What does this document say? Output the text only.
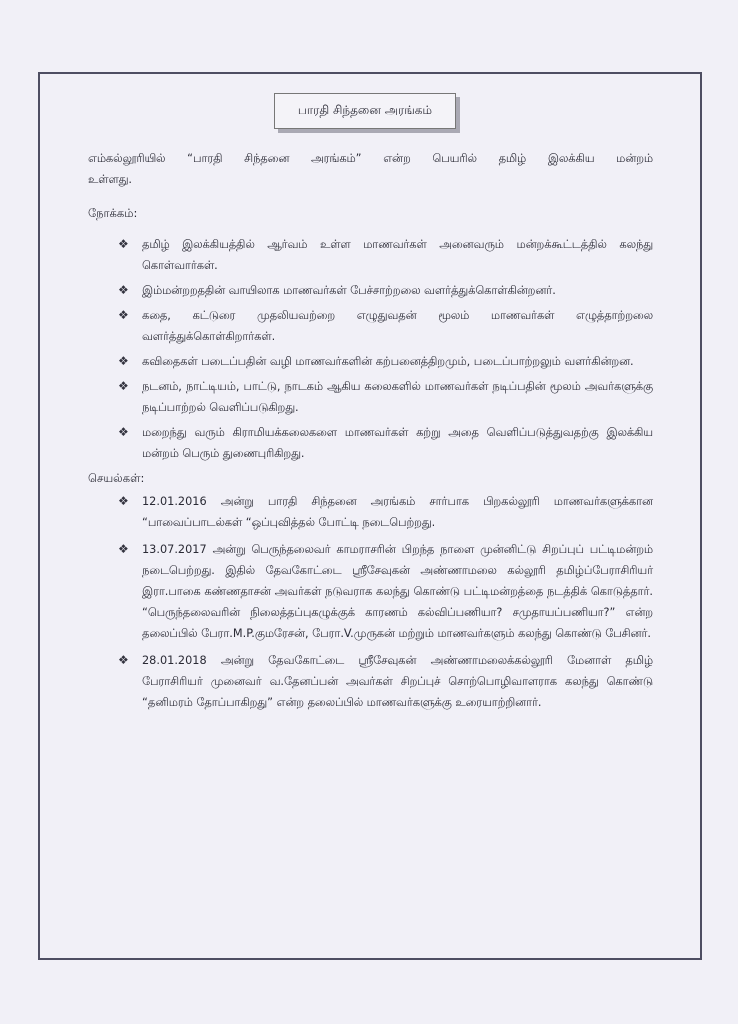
பாரதி சிந்தனை அரங்கம்

எம்கல்லூரியில் “பாரதி சிந்தனை அரங்கம்” என்ற பெயரில் தமிழ் இலக்கிய மன்றம் உள்ளது.

நோக்கம்:

❖ தமிழ் இலக்கியத்தில் ஆர்வம் உள்ள மாணவர்கள் அனைவரும் மன்றக்கூட்டத்தில் கலந்து கொள்வார்கள்.
❖ இம்மன்றறததின் வாயிலாக மாணவர்கள் பேச்சாற்றலை வளர்த்துக்கொள்கின்றனர்.
❖ கதை, கட்டுரை முதலியவற்றை எழுதுவதன் மூலம் மாணவர்கள் எழுத்தாற்றலை வளர்த்துக்கொள்கிறார்கள்.
❖ கவிதைகள் படைப்பதின் வழி மாணவர்களின் கற்பனைத்திறமும், படைப்பாற்றலும் வளர்கின்றன.
❖ நடனம், நாட்டியம், பாட்டு, நாடகம் ஆகிய கலைகளில் மாணவர்கள் நடிப்பதின் மூலம் அவர்களுக்கு நடிப்பாற்றல் வெளிப்படுகிறது.
❖ மறைந்து வரும் கிராமியக்கலைகளை மாணவர்கள் கற்று அதை வெளிப்படுத்துவதற்கு இலக்கிய மன்றம் பெரும் துணைபுரிகிறது.

செயல்கள்:

❖ 12.01.2016 அன்று பாரதி சிந்தனை அரங்கம் சார்பாக பிறகல்லூரி மாணவர்களுக்கான “பாவைப்பாடல்கள் “ஒப்புவித்தல் போட்டி நடைபெற்றது.
❖ 13.07.2017 அன்று பெருந்தலைவர் காமராசரின் பிறந்த நாளை முன்னிட்டு சிறப்புப் பட்டிமன்றம் நடைபெற்றது. இதில் தேவகோட்டை ஸ்ரீசேவுகன் அண்ணாமலை கல்லூரி தமிழ்ப்பேராசிரியர் இரா.பாகை கண்ணதாசன் அவர்கள் நடுவராக கலந்து கொண்டு பட்டிமன்றத்தை நடத்திக் கொடுத்தார். “பெருந்தலைவரின் நிலைத்தப்புகழுக்குக் காரணம் கல்விப்பணியா? சமுதாயப்பணியா?” என்ற தலைப்பில் பேரா.M.P.குமரேசன், பேரா.V.முருகன் மற்றும் மாணவர்களும் கலந்து கொண்டு பேசினர்.
❖ 28.01.2018 அன்று தேவகோட்டை ஸ்ரீசேவுகன் அண்ணாமலைக்கல்லூரி மேனாள் தமிழ் பேராசிரியர் முனைவர் வ.தேனப்பன் அவர்கள் சிறப்புச் சொற்பொழிவாளராக கலந்து கொண்டு “தனிமரம் தோப்பாகிறது” என்ற தலைப்பில் மாணவர்களுக்கு உரையாற்றினார்.
